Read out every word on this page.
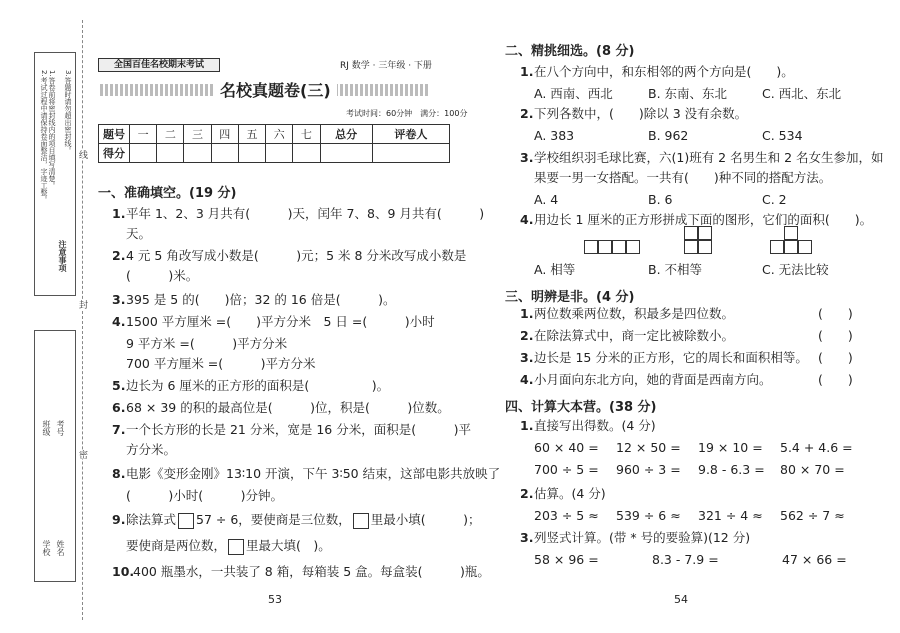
注意事项
1.答卷前将密封线内的项目填写清楚。
2.考试过程中请保持卷面整洁，字迹工整。 3.答题时请勿超出密封线。
学校 姓名
班级 考号
线
封
密
全国百佳名校期末考试	RJ 数学 · 三年级 · 下册
名校真题卷(三)
考试时间：60分钟　满分：100分
题号	一	二	三	四	五	六	七	总分	评卷人
得分									
一、准确填空。(19 分)
1. 平年 1、2、3 月共有(　　　)天，闰年 7、8、9 月共有(　　　)
天。
2. 4 元 5 角改写成小数是(　　　)元；5 米 8 分米改写成小数是
(　　　)米。
3. 395 是 5 的(　　)倍；32 的 16 倍是(　　　)。
4. 1500 平方厘米 =(　　)平方分米　5 日 =(　　　)小时
9 平方米 =(　　　)平方分米
700 平方厘米 =(　　　)平方分米
5. 边长为 6 厘米的正方形的面积是(　　　　　)。
6. 68 × 39 的积的最高位是(　　　)位，积是(　　　)位数。
7. 一个长方形的长是 21 分米，宽是 16 分米，面积是(　　　)平
方分米。
8. 电影《变形金刚》13∶10 开演，下午 3∶50 结束，这部电影共放映了
(　　　)小时(　　　)分钟。
9. 除法算式 57 ÷ 6，要使商是三位数， 里最小填(　　　)；
要使商是两位数， 里最大填(　)。
10.
400 瓶墨水，一共装了 8 箱，每箱装 5 盒。每盒装(　　　)瓶。
53
二、精挑细选。(8 分)
1. 在八个方向中，和东相邻的两个方向是(　　)。
A. 西南、西北	B. 东南、东北	C. 西北、东北
2. 下列各数中，(　　)除以 3 没有余数。
A. 383	B. 962	C. 534
3. 学校组织羽毛球比赛，六(1)班有 2 名男生和 2 名女生参加，如
果要一男一女搭配。一共有(　　)种不同的搭配方法。
A. 4	B. 6	C. 2
4. 用边长 1 厘米的正方形拼成下面的图形，它们的面积(　　)。
A. 相等	B. 不相等	C. 无法比较
三、明辨是非。(4 分)
1. 两位数乘两位数，积最多是四位数。	(　　)
2. 在除法算式中，商一定比被除数小。	(　　)
3. 边长是 15 分米的正方形，它的周长和面积相等。 (　　)
4. 小月面向东北方向，她的背面是西南方向。	(　　)
四、计算大本营。(38 分)
1. 直接写出得数。(4 分)
60 × 40 = 12 × 50 = 19 × 10 = 5.4 + 4.6 =
700 ÷ 5 = 960 ÷ 3 = 9.8 - 6.3 = 80 × 70 =
2. 估算。(4 分)
203 ÷ 5 ≈ 539 ÷ 6 ≈ 321 ÷ 4 ≈ 562 ÷ 7 ≈
3. 列竖式计算。(带 * 号的要验算)(12 分)
58 × 96 =	8.3 - 7.9 =	47 × 66 =
54
